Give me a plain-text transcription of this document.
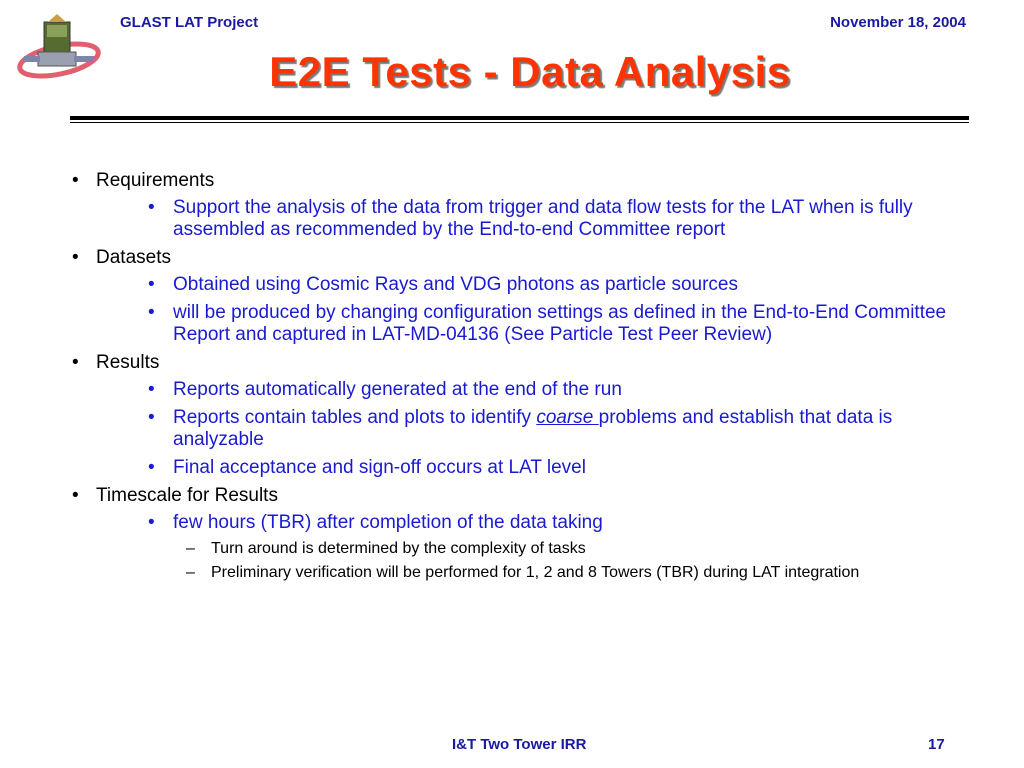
GLAST LAT Project	November 18, 2004
E2E Tests - Data Analysis
• Requirements
• Support the analysis of the data from trigger and data flow tests for the LAT when is fully assembled as recommended by the End-to-end Committee report
• Datasets
• Obtained using Cosmic Rays and VDG photons as particle sources
• will be produced by changing configuration settings as defined in the End-to-End Committee Report and captured in LAT-MD-04136 (See Particle Test Peer Review)
• Results
• Reports automatically generated at the end of the run
• Reports contain tables and plots to identify coarse problems and establish that data is analyzable
• Final acceptance and sign-off occurs at LAT level
• Timescale for Results
• few hours (TBR) after completion of the data taking
– Turn around is determined by the complexity of tasks
– Preliminary verification will be performed for 1, 2 and 8 Towers (TBR) during LAT integration
I&T Two Tower IRR	17
